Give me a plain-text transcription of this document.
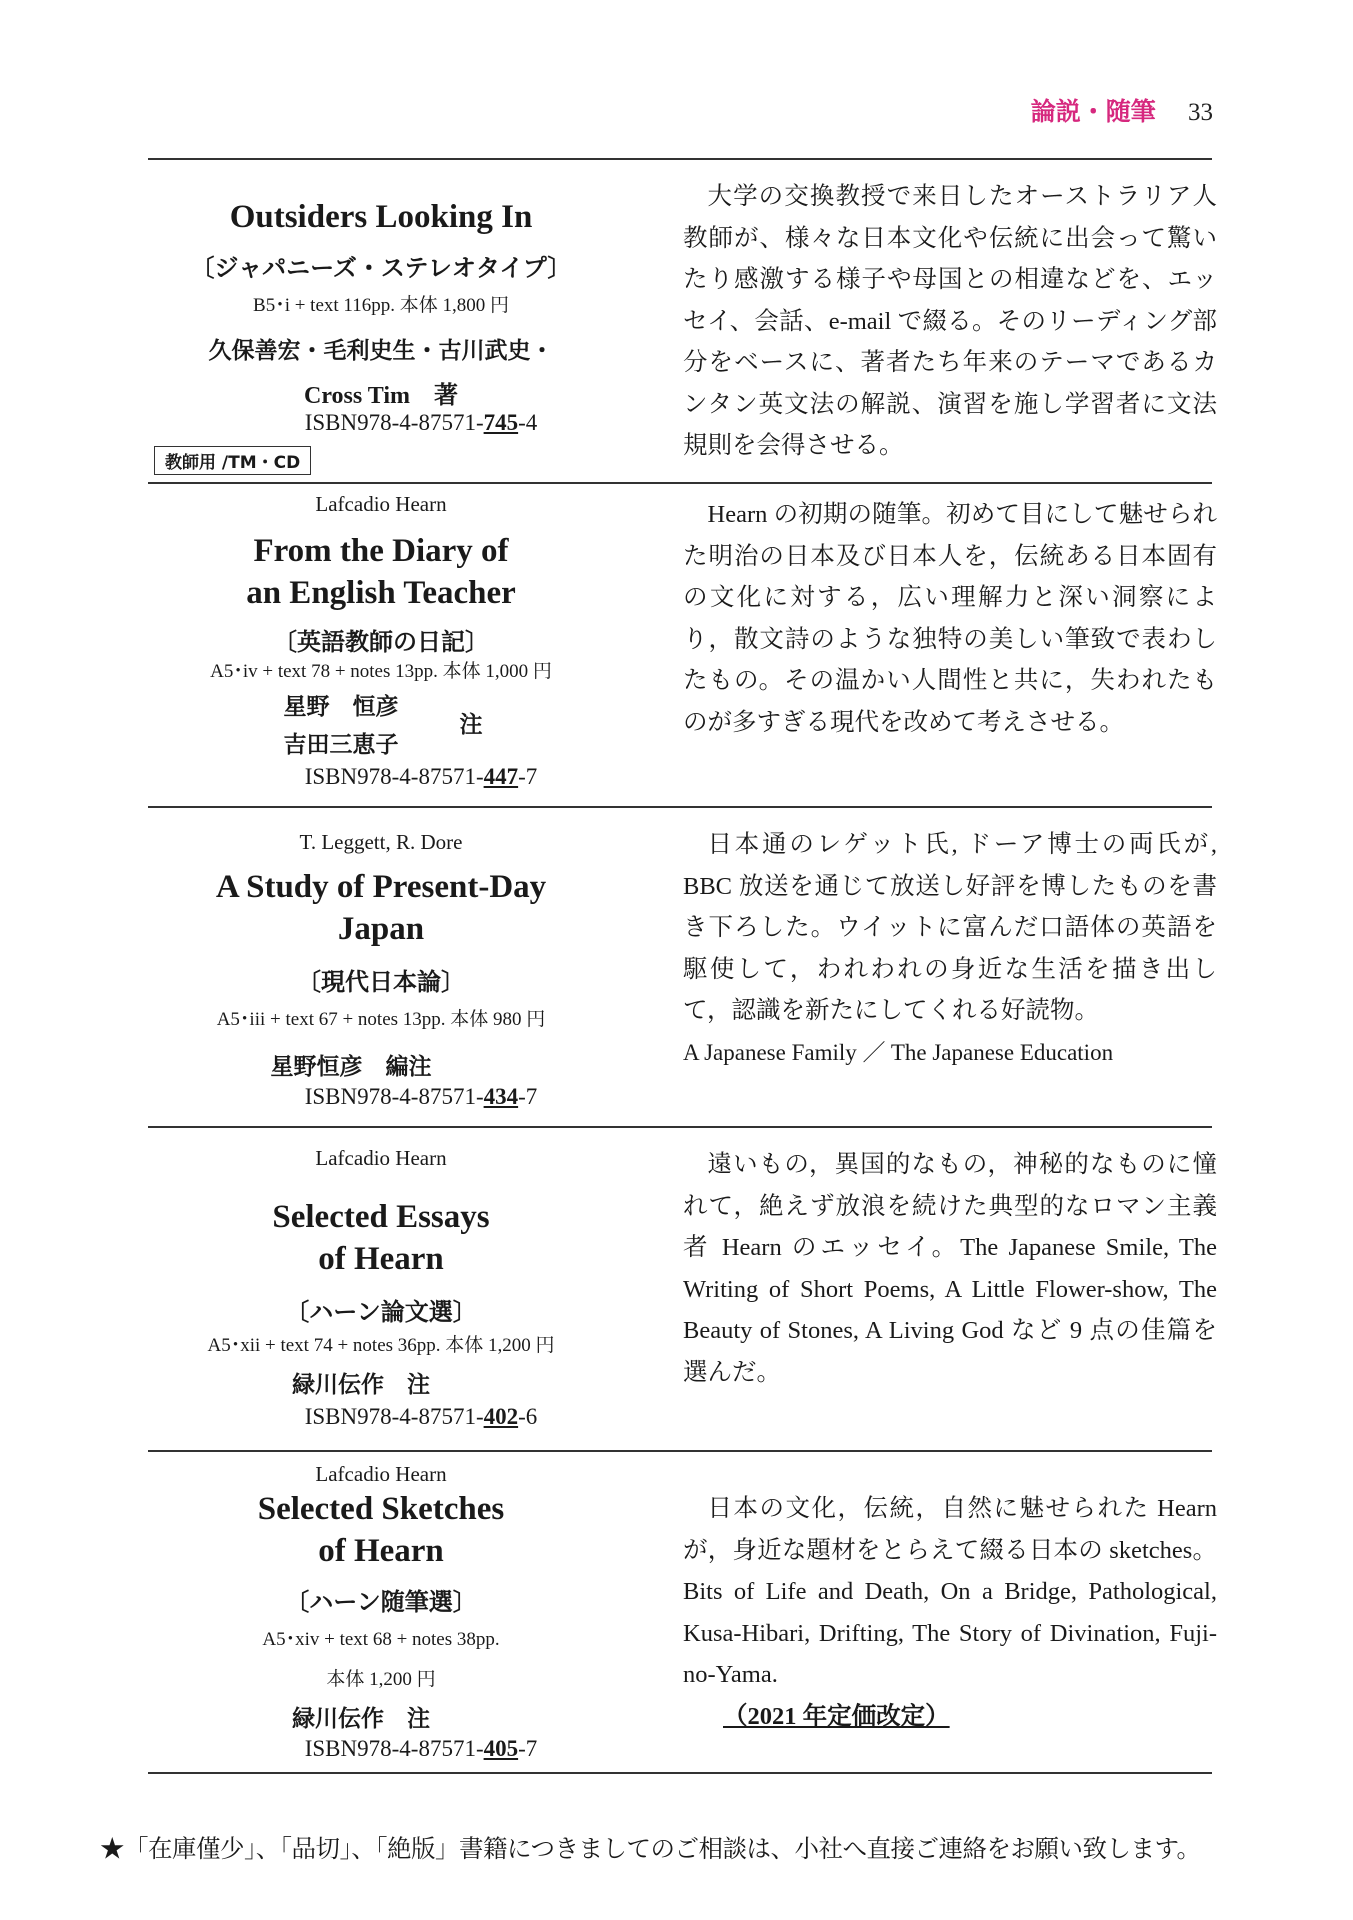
論説・随筆 33
Outsiders Looking In
〔ジャパニーズ・ステレオタイプ〕
B5･i + text 116pp. 本体 1,800 円
久保善宏・毛利史生・古川武史・
Cross Tim　著
ISBN978-4-87571-745-4
教師用 /TM・CD

大学の交換教授で来日したオーストラリア人教師が、様々な日本文化や伝統に出会って驚いたり感激する様子や母国との相違などを、エッセイ、会話、e-mail で綴る。そのリーディング部分をベースに、著者たち年来のテーマであるカンタン英文法の解説、演習を施し学習者に文法規則を会得させる。

Lafcadio Hearn
From the Diary of
an English Teacher
〔英語教師の日記〕
A5･iv + text 78 + notes 13pp. 本体 1,000 円
星野　恒彦
注
吉田三恵子
ISBN978-4-87571-447-7

Hearn の初期の随筆。初めて目にして魅せられた明治の日本及び日本人を，伝統ある日本固有の文化に対する，広い理解力と深い洞察により，散文詩のような独特の美しい筆致で表わしたもの。その温かい人間性と共に，失われたものが多すぎる現代を改めて考えさせる。

T. Leggett, R. Dore
A Study of Present-Day
Japan
〔現代日本論〕
A5･iii + text 67 + notes 13pp. 本体 980 円
星野恒彦　編注
ISBN978-4-87571-434-7

日本通のレゲット氏, ドーア博士の両氏が, BBC 放送を通じて放送し好評を博したものを書き下ろした。ウイットに富んだ口語体の英語を駆使して，われわれの身近な生活を描き出して，認識を新たにしてくれる好読物。

A Japanese Family ／ The Japanese Education

Lafcadio Hearn
Selected Essays
of Hearn
〔ハーン論文選〕
A5･xii + text 74 + notes 36pp. 本体 1,200 円
緑川伝作　注
ISBN978-4-87571-402-6

遠いもの，異国的なもの，神秘的なものに憧れて，絶えず放浪を続けた典型的なロマン主義者 Hearn のエッセイ。The Japanese Smile, The Writing of Short Poems, A Little Flower-show, The Beauty of Stones, A Living God など 9 点の佳篇を選んだ。

Lafcadio Hearn
Selected Sketches
of Hearn
〔ハーン随筆選〕
A5･xiv + text 68 + notes 38pp.
本体 1,200 円
緑川伝作　注
ISBN978-4-87571-405-7

日本の文化，伝統，自然に魅せられた Hearn が，身近な題材をとらえて綴る日本の sketches。Bits of Life and Death, On a Bridge, Pathological, Kusa-Hibari, Drifting, The Story of Divination, Fuji-no-Yama.

（2021 年定価改定）

★「在庫僅少」、「品切」、「絶版」書籍につきましてのご相談は、小社へ直接ご連絡をお願い致します。
